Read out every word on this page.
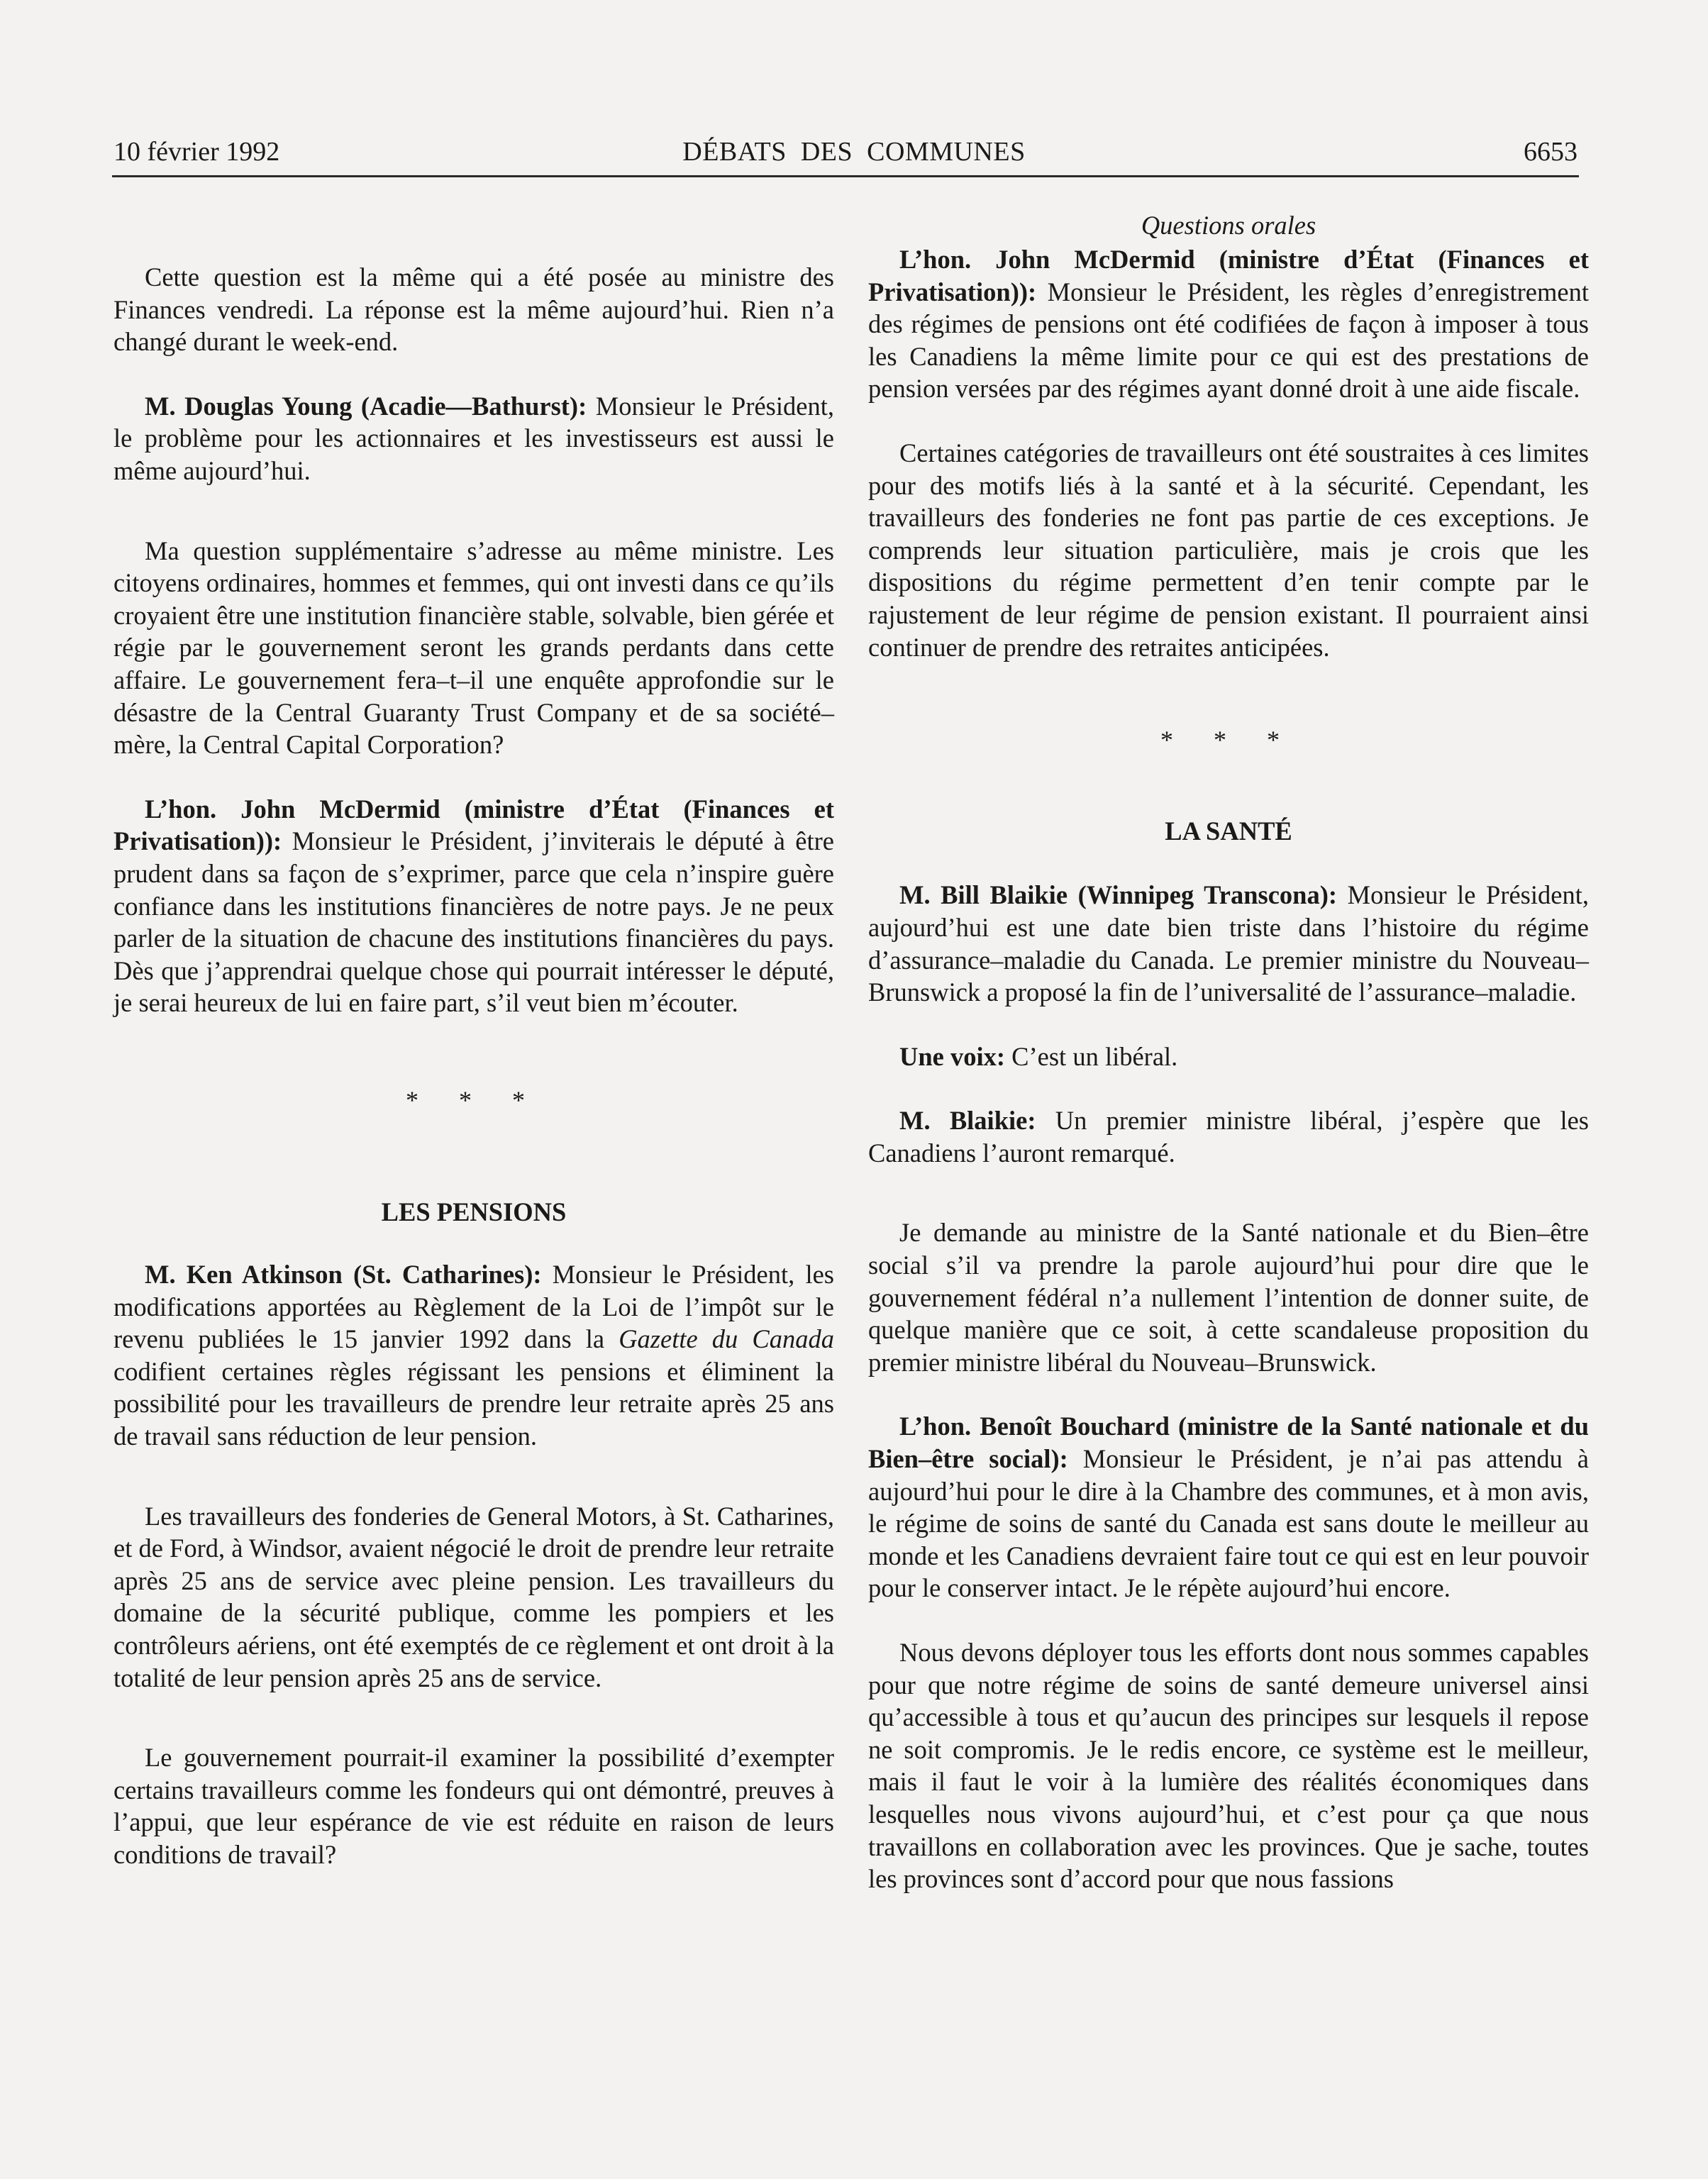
10 février 1992	DÉBATS DES COMMUNES	6653

Cette question est la même qui a été posée au ministre des Finances vendredi. La réponse est la même aujourd’hui. Rien n’a changé durant le week-end.

M. Douglas Young (Acadie—Bathurst): Monsieur le Président, le problème pour les actionnaires et les investisseurs est aussi le même aujourd’hui.

Ma question supplémentaire s’adresse au même ministre. Les citoyens ordinaires, hommes et femmes, qui ont investi dans ce qu’ils croyaient être une institution financière stable, solvable, bien gérée et régie par le gouvernement seront les grands perdants dans cette affaire. Le gouvernement fera–t–il une enquête approfondie sur le désastre de la Central Guaranty Trust Company et de sa société–mère, la Central Capital Corporation?

L’hon. John McDermid (ministre d’État (Finances et Privatisation)): Monsieur le Président, j’inviterais le député à être prudent dans sa façon de s’exprimer, parce que cela n’inspire guère confiance dans les institutions financières de notre pays. Je ne peux parler de la situation de chacune des institutions financières du pays. Dès que j’apprendrai quelque chose qui pourrait intéresser le député, je serai heureux de lui en faire part, s’il veut bien m’écouter.

* * *

LES PENSIONS

M. Ken Atkinson (St. Catharines): Monsieur le Président, les modifications apportées au Règlement de la Loi de l’impôt sur le revenu publiées le 15 janvier 1992 dans la Gazette du Canada codifient certaines règles régissant les pensions et éliminent la possibilité pour les travailleurs de prendre leur retraite après 25 ans de travail sans réduction de leur pension.

Les travailleurs des fonderies de General Motors, à St. Catharines, et de Ford, à Windsor, avaient négocié le droit de prendre leur retraite après 25 ans de service avec pleine pension. Les travailleurs du domaine de la sécurité publique, comme les pompiers et les contrôleurs aériens, ont été exemptés de ce règlement et ont droit à la totalité de leur pension après 25 ans de service.

Le gouvernement pourrait-il examiner la possibilité d’exempter certains travailleurs comme les fondeurs qui ont démontré, preuves à l’appui, que leur espérance de vie est réduite en raison de leurs conditions de travail?

Questions orales

L’hon. John McDermid (ministre d’État (Finances et Privatisation)): Monsieur le Président, les règles d’enregistrement des régimes de pensions ont été codifiées de façon à imposer à tous les Canadiens la même limite pour ce qui est des prestations de pension versées par des régimes ayant donné droit à une aide fiscale.

Certaines catégories de travailleurs ont été soustraites à ces limites pour des motifs liés à la santé et à la sécurité. Cependant, les travailleurs des fonderies ne font pas partie de ces exceptions. Je comprends leur situation particulière, mais je crois que les dispositions du régime permettent d’en tenir compte par le rajustement de leur régime de pension existant. Il pourraient ainsi continuer de prendre des retraites anticipées.

* * *

LA SANTÉ

M. Bill Blaikie (Winnipeg Transcona): Monsieur le Président, aujourd’hui est une date bien triste dans l’histoire du régime d’assurance–maladie du Canada. Le premier ministre du Nouveau–Brunswick a proposé la fin de l’universalité de l’assurance–maladie.

Une voix: C’est un libéral.

M. Blaikie: Un premier ministre libéral, j’espère que les Canadiens l’auront remarqué.

Je demande au ministre de la Santé nationale et du Bien–être social s’il va prendre la parole aujourd’hui pour dire que le gouvernement fédéral n’a nullement l’intention de donner suite, de quelque manière que ce soit, à cette scandaleuse proposition du premier ministre libéral du Nouveau–Brunswick.

L’hon. Benoît Bouchard (ministre de la Santé nationale et du Bien–être social): Monsieur le Président, je n’ai pas attendu à aujourd’hui pour le dire à la Chambre des communes, et à mon avis, le régime de soins de santé du Canada est sans doute le meilleur au monde et les Canadiens devraient faire tout ce qui est en leur pouvoir pour le conserver intact. Je le répète aujourd’hui encore.

Nous devons déployer tous les efforts dont nous sommes capables pour que notre régime de soins de santé demeure universel ainsi qu’accessible à tous et qu’aucun des principes sur lesquels il repose ne soit compromis. Je le redis encore, ce système est le meilleur, mais il faut le voir à la lumière des réalités économiques dans lesquelles nous vivons aujourd’hui, et c’est pour ça que nous travaillons en collaboration avec les provinces. Que je sache, toutes les provinces sont d’accord pour que nous fassions
